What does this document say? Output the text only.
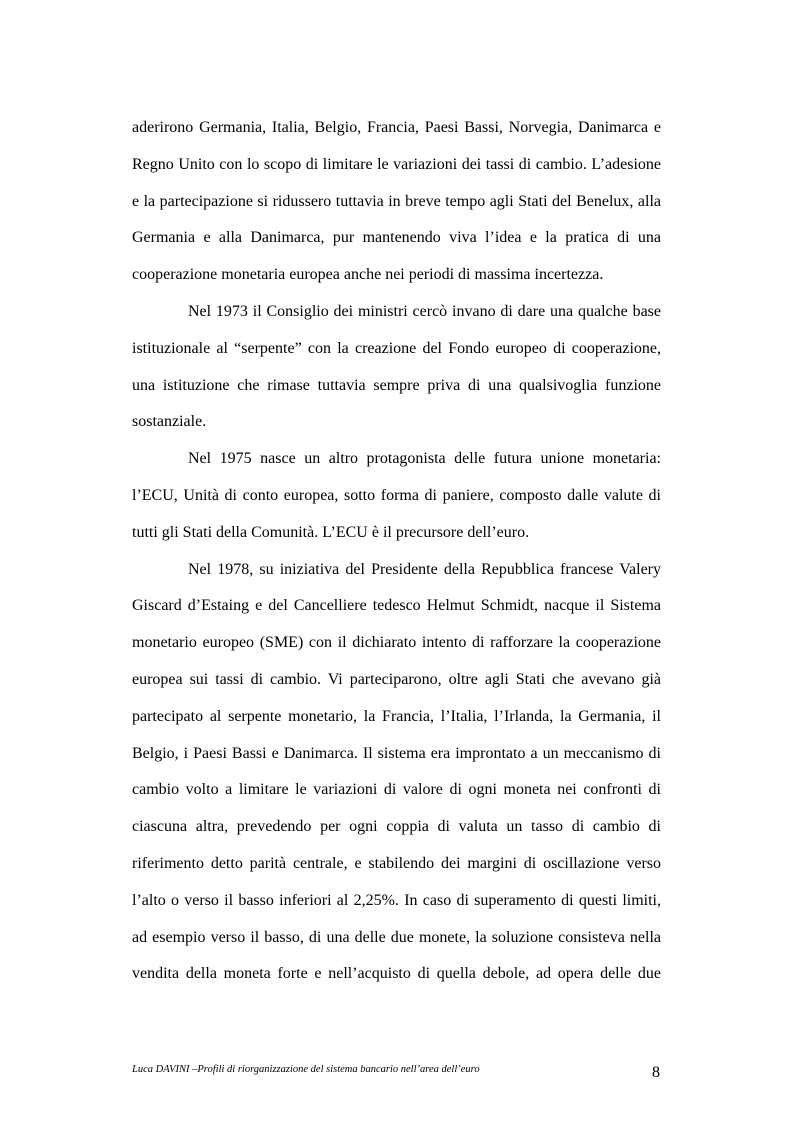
aderirono Germania, Italia, Belgio, Francia, Paesi Bassi, Norvegia, Danimarca e
Regno Unito con lo scopo di limitare le variazioni dei tassi di cambio. L’adesione
e la partecipazione si ridussero tuttavia in breve tempo agli Stati del Benelux, alla
Germania e alla Danimarca, pur mantenendo viva l’idea e la pratica di una
cooperazione monetaria europea anche nei periodi di massima incertezza.
Nel 1973 il Consiglio dei ministri cercò invano di dare una qualche base
istituzionale al “serpente” con la creazione del Fondo europeo di cooperazione,
una istituzione che rimase tuttavia sempre priva di una qualsivoglia funzione
sostanziale.
Nel 1975 nasce un altro protagonista delle futura unione monetaria:
l’ECU, Unità di conto europea, sotto forma di paniere, composto dalle valute di
tutti gli Stati della Comunità. L’ECU è il precursore dell’euro.
Nel 1978, su iniziativa del Presidente della Repubblica francese Valery
Giscard d’Estaing e del Cancelliere tedesco Helmut Schmidt, nacque il Sistema
monetario europeo (SME) con il dichiarato intento di rafforzare la cooperazione
europea sui tassi di cambio. Vi parteciparono, oltre agli Stati che avevano già
partecipato al serpente monetario, la Francia, l’Italia, l’Irlanda, la Germania, il
Belgio, i Paesi Bassi e Danimarca. Il sistema era improntato a un meccanismo di
cambio volto a limitare le variazioni di valore di ogni moneta nei confronti di
ciascuna altra, prevedendo per ogni coppia di valuta un tasso di cambio di
riferimento detto parità centrale, e stabilendo dei margini di oscillazione verso
l’alto o verso il basso inferiori al 2,25%. In caso di superamento di questi limiti,
ad esempio verso il basso, di una delle due monete, la soluzione consisteva nella
vendita della moneta forte e nell’acquisto di quella debole, ad opera delle due
Luca DAVINI –Profili di riorganizzazione del sistema bancario nell’area dell’euro	8
